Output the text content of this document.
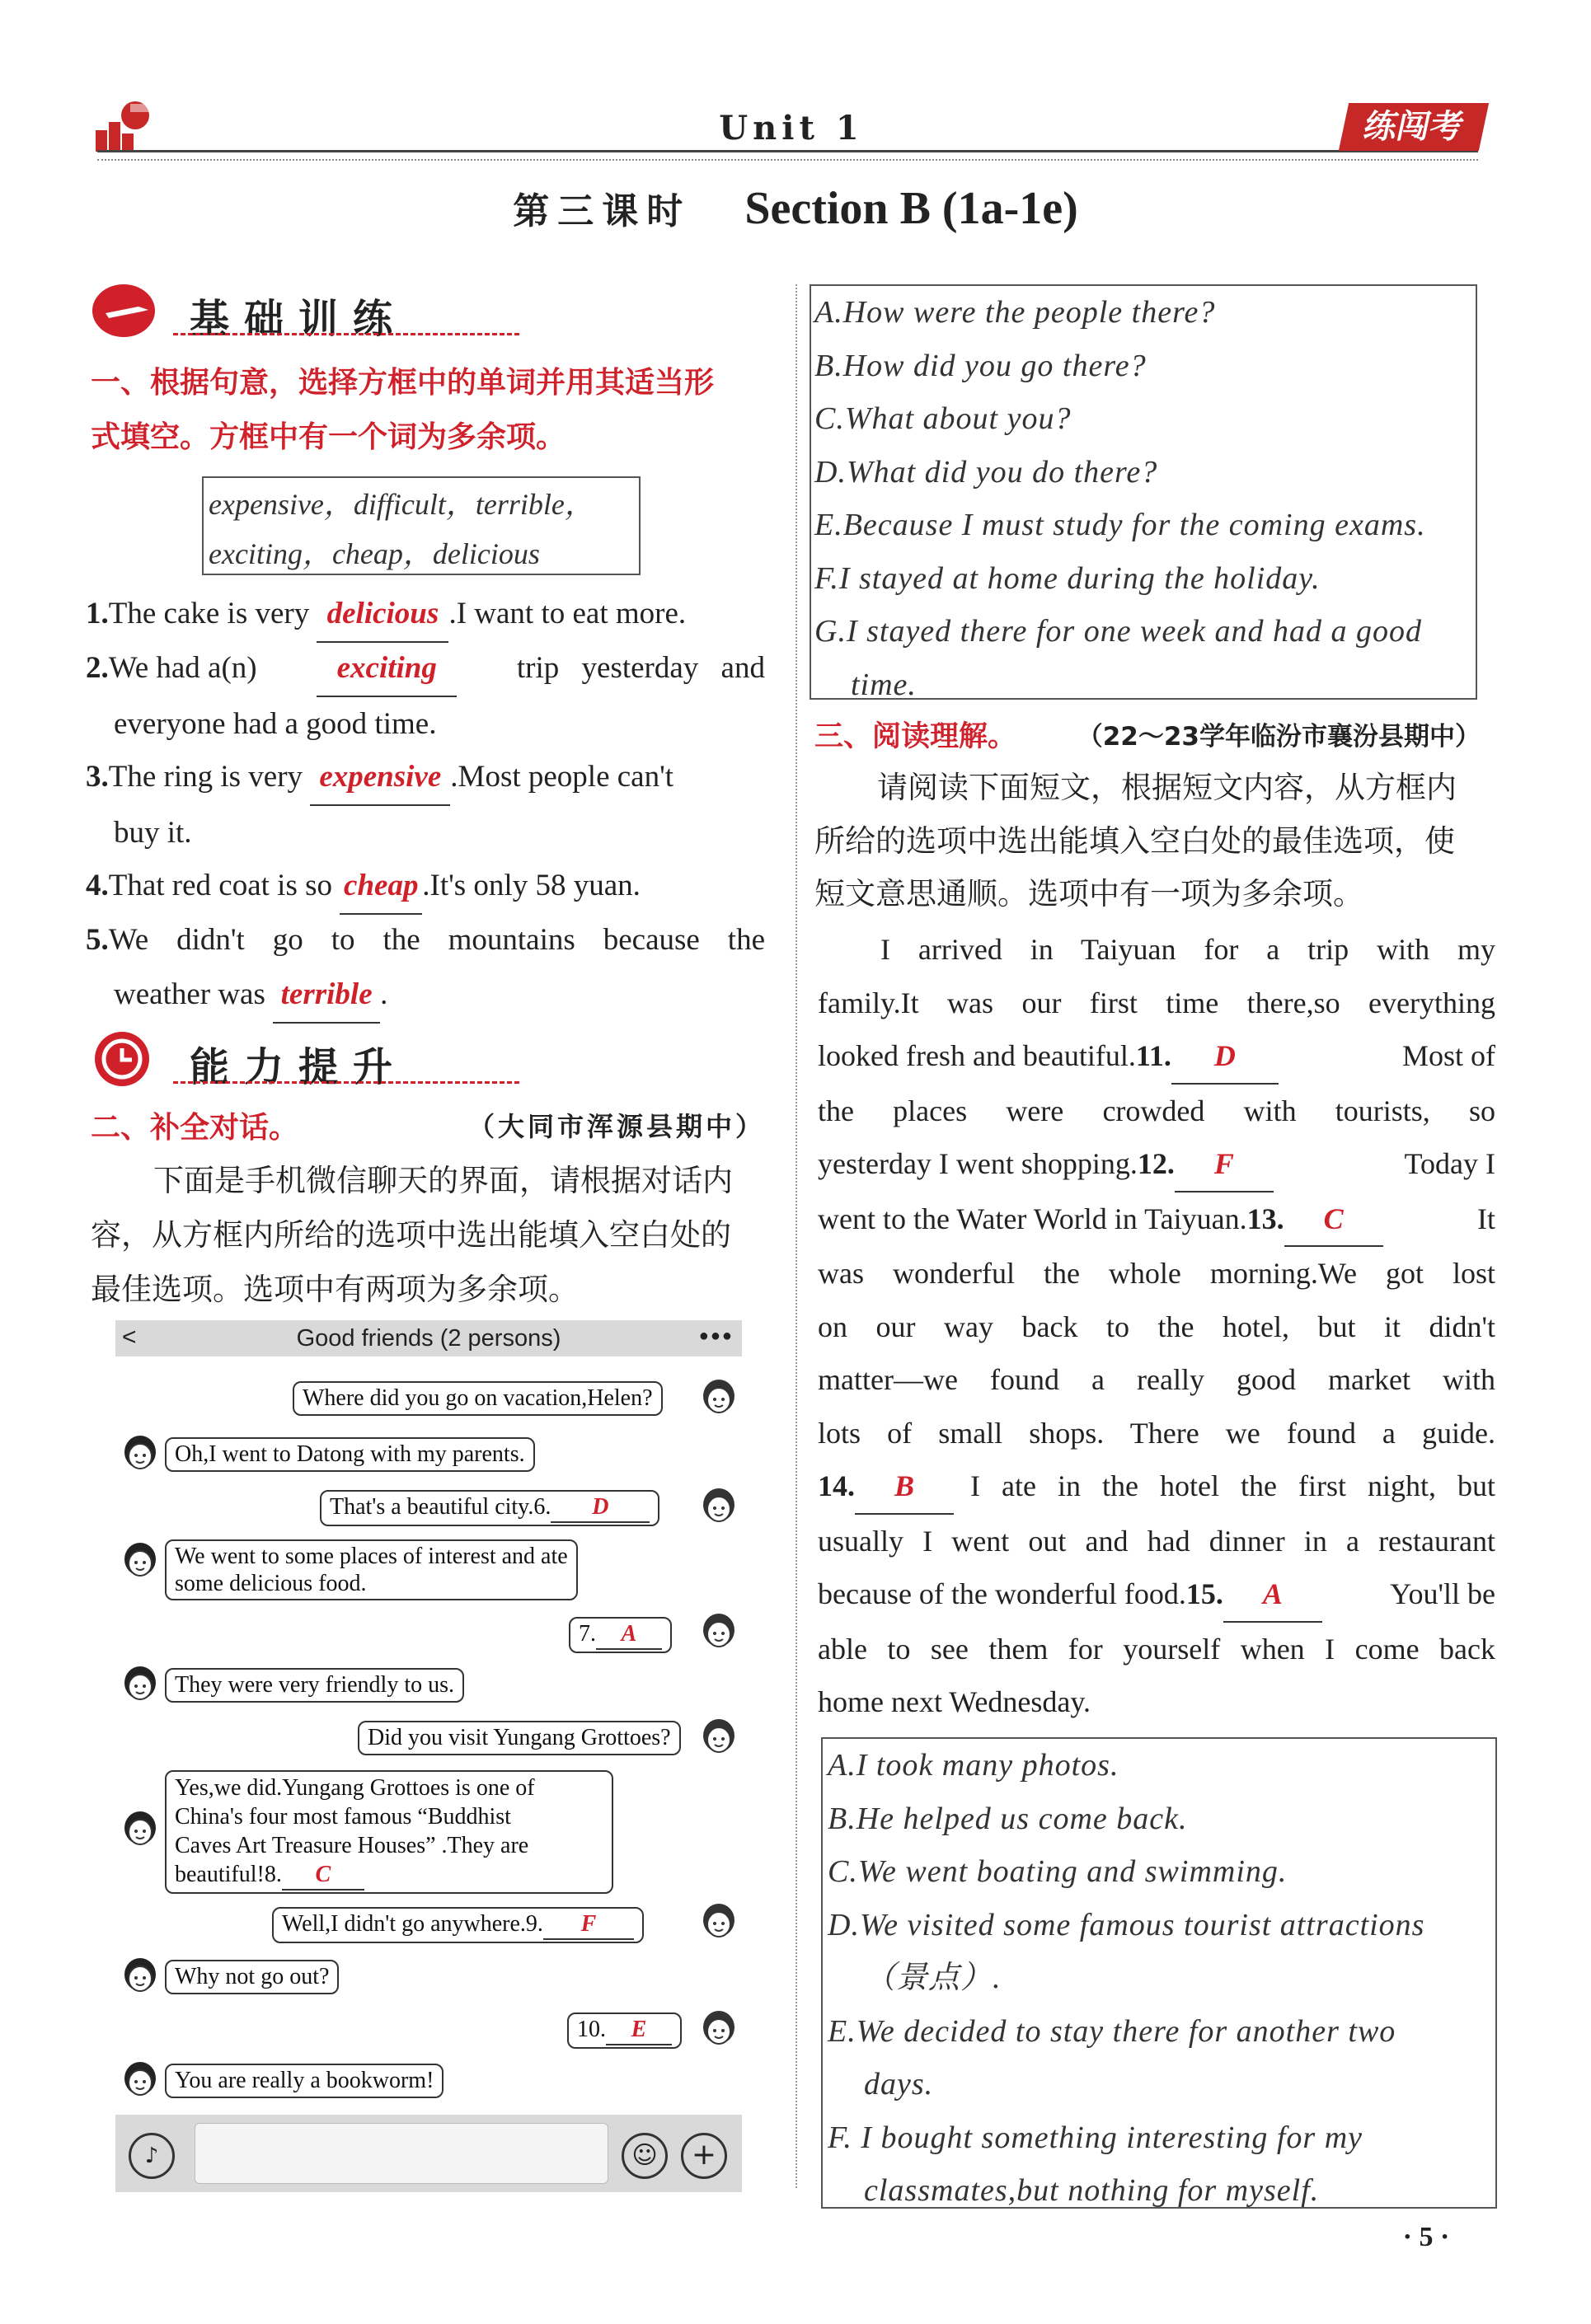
Unit 1	练闯考
第三课时 Section B (1a-1e)
基础训练
一、根据句意，选择方框中的单词并用其适当形
式填空。方框中有一个词为多余项。
expensive，difficult，terrible，
exciting，cheap，delicious
1.The cake is very delicious .I want to eat more.
2.We had a(n)	exciting	trip yesterday and
everyone had a good time.
3.The ring is very expensive .Most people can't
buy it.
4.That red coat is so cheap .It's only 58 yuan.
5.We didn't go to the mountains because the
weather was terrible .
能力提升
二、补全对话。	（大同市浑源县期中）
下面是手机微信聊天的界面，请根据对话内
容，从方框内所给的选项中选出能填入空白处的
最佳选项。选项中有两项为多余项。
<	Good friends (2 persons)	●●●
Where did you go on vacation,Helen?
Oh,I went to Datong with my parents.
That's a beautiful city.6. D
We went to some places of interest and ate
some delicious food.
7. A
They were very friendly to us.
Did you visit Yungang Grottoes?
Yes,we did.Yungang Grottoes is one of
China's four most famous “Buddhist
Caves Art Treasure Houses” .They are
beautiful!8. C
Well,I didn't go anywhere.9. F
Why not go out?
10. E
You are really a bookworm!
♪	☺	+
A.How were the people there?
B.How did you go there?
C.What about you?
D.What did you do there?
E.Because I must study for the coming exams.
F.I stayed at home during the holiday.
G.I stayed there for one week and had a good
time.
三、阅读理解。 （22～23学年临汾市襄汾县期中）
请阅读下面短文，根据短文内容，从方框内
所给的选项中选出能填入空白处的最佳选项，使
短文意思通顺。选项中有一项为多余项。
I arrived in Taiyuan for a trip with my
family.It was our first time there,so everything
looked fresh and beautiful.11. D	Most of
the places were crowded with tourists, so
yesterday I went shopping.12. F	Today I
went to the Water World in Taiyuan.13. C	It
was wonderful the whole morning.We got lost
on our way back to the hotel, but it didn't
matter—we found a really good market with
lots of small shops. There we found a guide.
14. B	I ate in the hotel the first night, but
usually I went out and had dinner in a restaurant
because of the wonderful food.15. A	You'll be
able to see them for yourself when I come back
home next Wednesday.
A.I took many photos.
B.He helped us come back.
C.We went boating and swimming.
D.We visited some famous tourist attractions
（景点）.
E.We decided to stay there for another two
days.
F. I bought something interesting for my
classmates,but nothing for myself.
· 5 ·
